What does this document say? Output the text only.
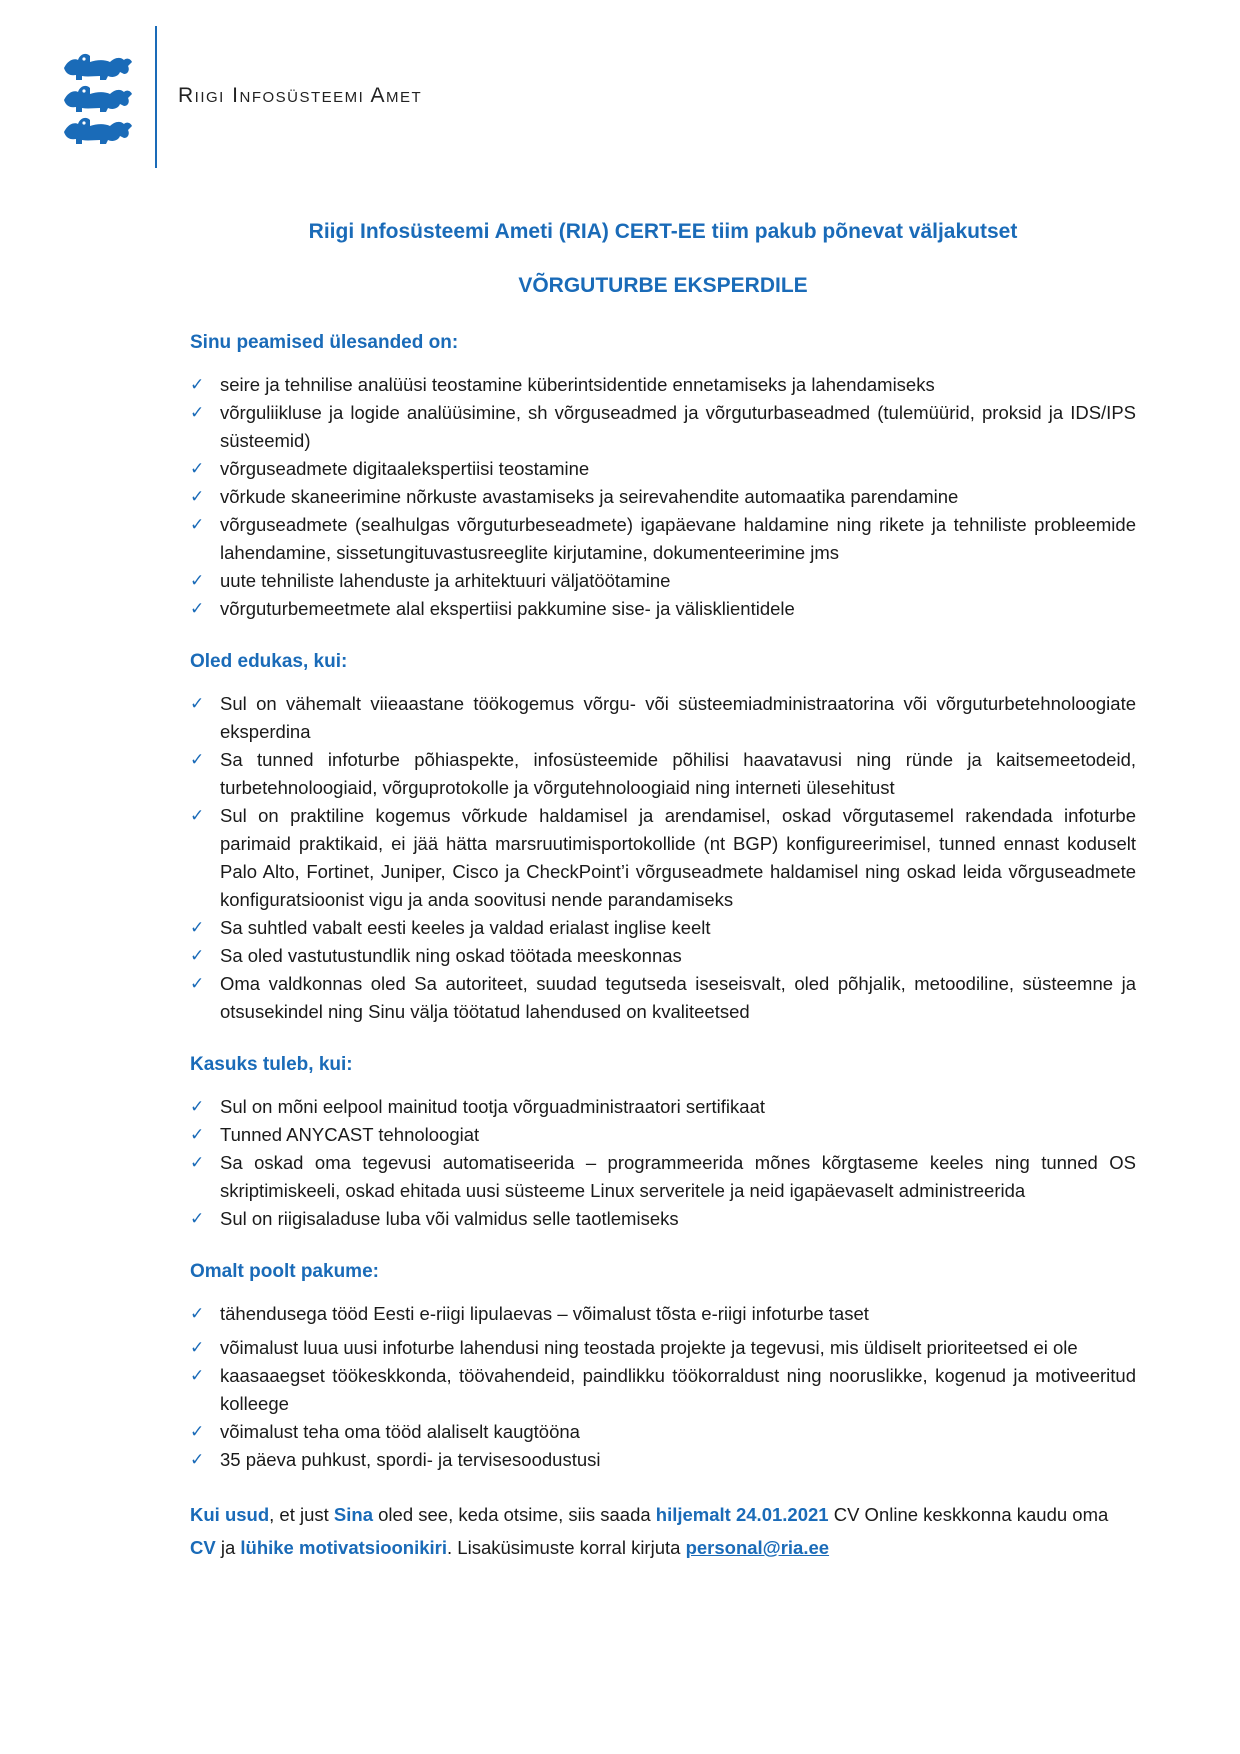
Riigi Infosüsteemi Amet
Riigi Infosüsteemi Ameti (RIA) CERT-EE tiim pakub põnevat väljakutset
VÕRGUTURBE EKSPERDILE
Sinu peamised ülesanded on:
✓ seire ja tehnilise analüüsi teostamine küberintsidentide ennetamiseks ja lahendamiseks
✓ võrguliikluse ja logide analüüsimine, sh võrguseadmed ja võrguturbaseadmed (tulemüürid, proksid ja IDS/IPS süsteemid)
✓ võrguseadmete digitaalekspertiisi teostamine
✓ võrkude skaneerimine nõrkuste avastamiseks ja seirevahendite automaatika parendamine
✓ võrguseadmete (sealhulgas võrguturbeseadmete) igapäevane haldamine ning rikete ja tehniliste probleemide lahendamine, sissetungituvastusreeglite kirjutamine, dokumenteerimine jms
✓ uute tehniliste lahenduste ja arhitektuuri väljatöötamine
✓ võrguturbemeetmete alal ekspertiisi pakkumine sise- ja välisklientidele
Oled edukas, kui:
✓ Sul on vähemalt viieaastane töökogemus võrgu- või süsteemiadministraatorina või võrguturbetehnoloogiate eksperdina
✓ Sa tunned infoturbe põhiaspekte, infosüsteemide põhilisi haavatavusi ning ründe ja kaitsemeetodeid, turbetehnoloogiaid, võrguprotokolle ja võrgutehnoloogiaid ning interneti ülesehitust
✓ Sul on praktiline kogemus võrkude haldamisel ja arendamisel, oskad võrgutasemel rakendada infoturbe parimaid praktikaid, ei jää hätta marsruutimisportokollide (nt BGP) konfigureerimisel, tunned ennast koduselt Palo Alto, Fortinet, Juniper, Cisco ja CheckPoint’i võrguseadmete haldamisel ning oskad leida võrguseadmete konfiguratsioonist vigu ja anda soovitusi nende parandamiseks
✓ Sa suhtled vabalt eesti keeles ja valdad erialast inglise keelt
✓ Sa oled vastutustundlik ning oskad töötada meeskonnas
✓ Oma valdkonnas oled Sa autoriteet, suudad tegutseda iseseisvalt, oled põhjalik, metoodiline, süsteemne ja otsusekindel ning Sinu välja töötatud lahendused on kvaliteetsed
Kasuks tuleb, kui:
✓ Sul on mõni eelpool mainitud tootja võrguadministraatori sertifikaat
✓ Tunned ANYCAST tehnoloogiat
✓ Sa oskad oma tegevusi automatiseerida – programmeerida mõnes kõrgtaseme keeles ning tunned OS skriptimiskeeli, oskad ehitada uusi süsteeme Linux serveritele ja neid igapäevaselt administreerida
✓ Sul on riigisaladuse luba või valmidus selle taotlemiseks
Omalt poolt pakume:
✓ tähendusega tööd Eesti e-riigi lipulaevas – võimalust tõsta e-riigi infoturbe taset
✓ võimalust luua uusi infoturbe lahendusi ning teostada projekte ja tegevusi, mis üldiselt prioriteetsed ei ole
✓ kaasaaegset töökeskkonda, töövahendeid, paindlikku töökorraldust ning nooruslikke, kogenud ja motiveeritud kolleege
✓ võimalust teha oma tööd alaliselt kaugtööna
✓ 35 päeva puhkust, spordi- ja tervisesoodustusi

Kui usud, et just Sina oled see, keda otsime, siis saada hiljemalt 24.01.2021 CV Online keskkonna kaudu oma CV ja lühike motivatsioonikiri. Lisaküsimuste korral kirjuta personal@ria.ee
